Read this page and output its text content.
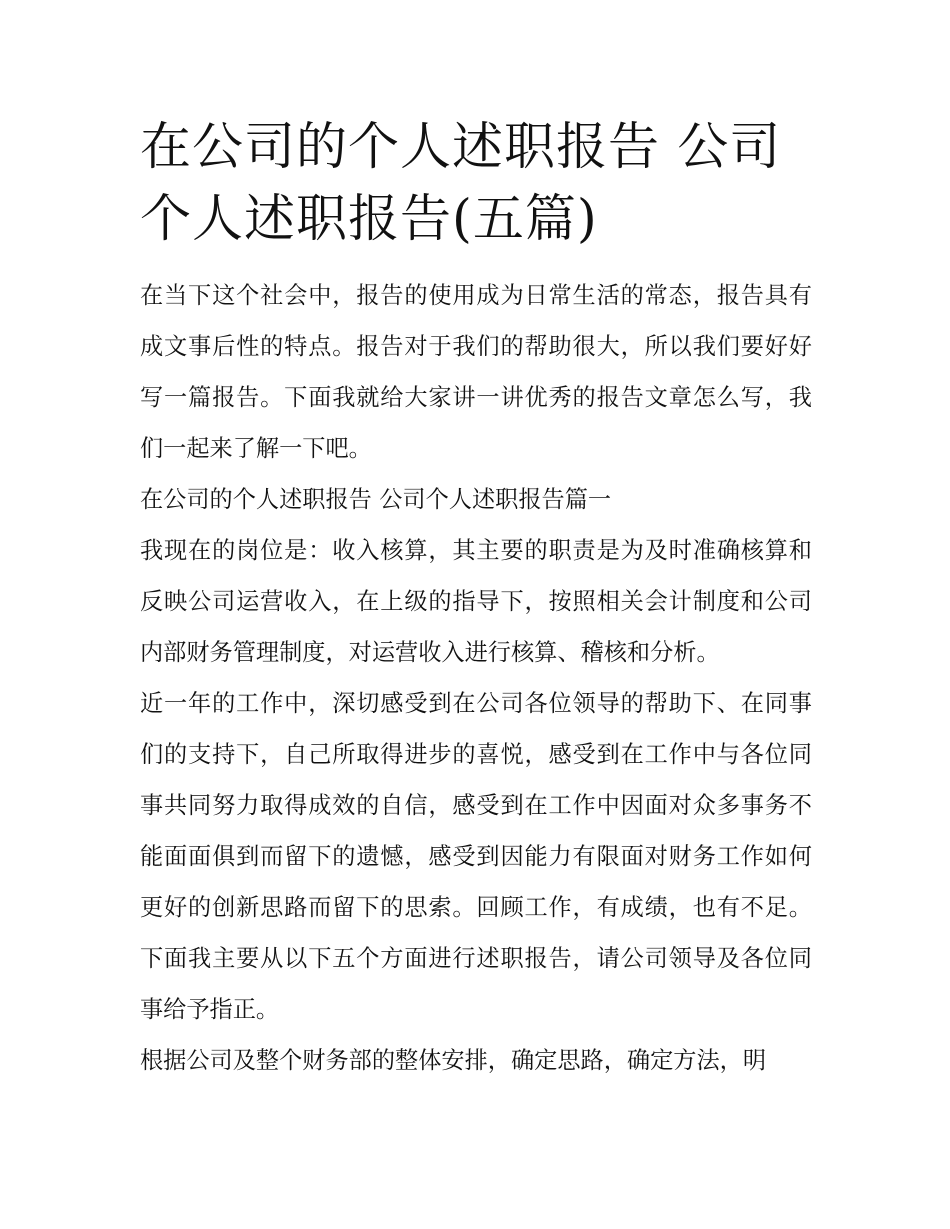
在公司的个人述职报告 公司个人述职报告(五篇)

在当下这个社会中，报告的使用成为日常生活的常态，报告具有成文事后性的特点。报告对于我们的帮助很大，所以我们要好好写一篇报告。下面我就给大家讲一讲优秀的报告文章怎么写，我们一起来了解一下吧。

在公司的个人述职报告 公司个人述职报告篇一

我现在的岗位是：收入核算，其主要的职责是为及时准确核算和反映公司运营收入，在上级的指导下，按照相关会计制度和公司内部财务管理制度，对运营收入进行核算、稽核和分析。

近一年的工作中，深切感受到在公司各位领导的帮助下、在同事们的支持下，自己所取得进步的喜悦，感受到在工作中与各位同事共同努力取得成效的自信，感受到在工作中因面对众多事务不能面面俱到而留下的遗憾，感受到因能力有限面对财务工作如何更好的创新思路而留下的思索。回顾工作，有成绩，也有不足。下面我主要从以下五个方面进行述职报告，请公司领导及各位同事给予指正。

根据公司及整个财务部的整体安排，确定思路，确定方法，明
